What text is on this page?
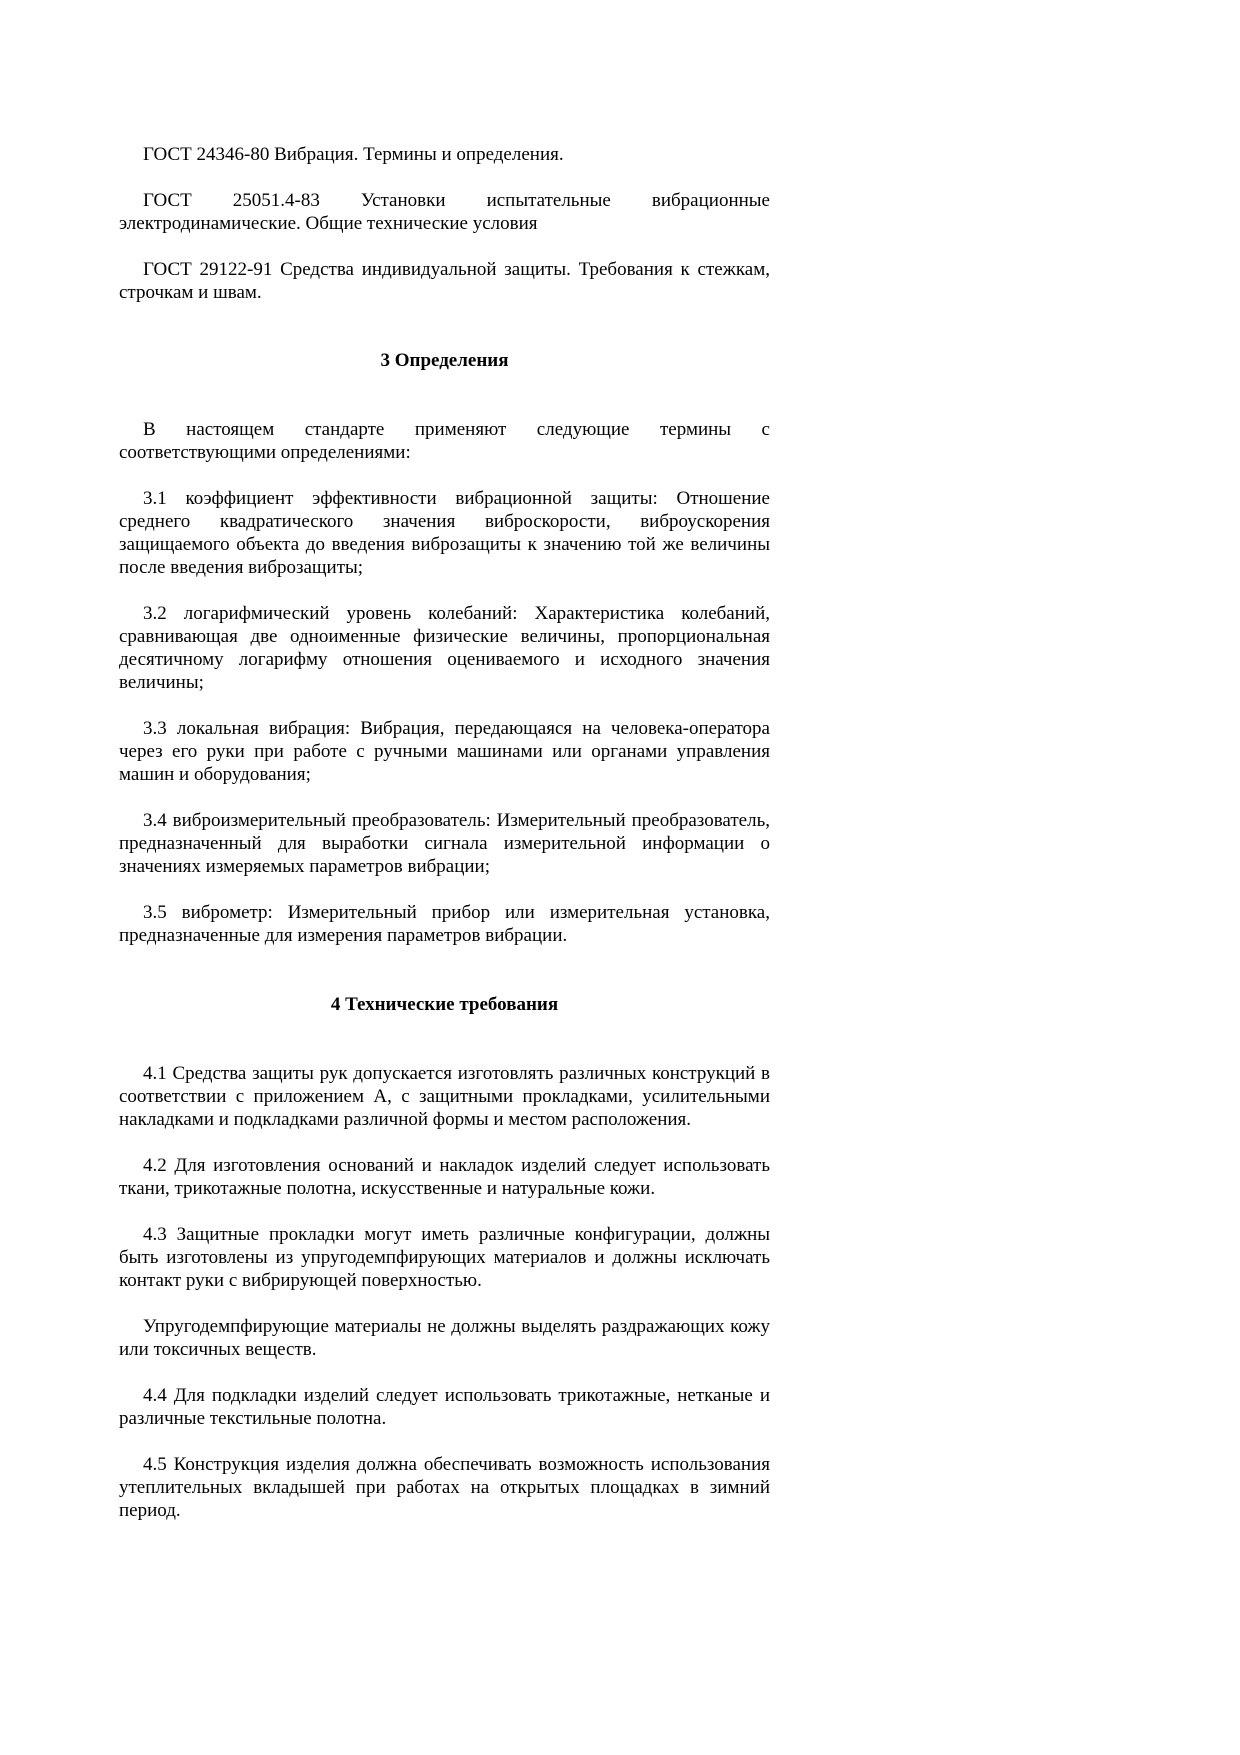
ГОСТ 24346-80 Вибрация. Термины и определения.

ГОСТ 25051.4-83 Установки испытательные вибрационные электродинамические. Общие технические условия

ГОСТ 29122-91 Средства индивидуальной защиты. Требования к стежкам, строчкам и швам.

3 Определения

В настоящем стандарте применяют следующие термины с соответствующими определениями:

3.1 коэффициент эффективности вибрационной защиты: Отношение среднего квадратического значения виброскорости, виброускорения защищаемого объекта до введения виброзащиты к значению той же величины после введения виброзащиты;

3.2 логарифмический уровень колебаний: Характеристика колебаний, сравнивающая две одноименные физические величины, пропорциональная десятичному логарифму отношения оцениваемого и исходного значения величины;

3.3 локальная вибрация: Вибрация, передающаяся на человека-оператора через его руки при работе с ручными машинами или органами управления машин и оборудования;

3.4 виброизмерительный преобразователь: Измерительный преобразователь, предназначенный для выработки сигнала измерительной информации о значениях измеряемых параметров вибрации;

3.5 виброметр: Измерительный прибор или измерительная установка, предназначенные для измерения параметров вибрации.

4 Технические требования

4.1 Средства защиты рук допускается изготовлять различных конструкций в соответствии с приложением А, с защитными прокладками, усилительными накладками и подкладками различной формы и местом расположения.

4.2 Для изготовления оснований и накладок изделий следует использовать ткани, трикотажные полотна, искусственные и натуральные кожи.

4.3 Защитные прокладки могут иметь различные конфигурации, должны быть изготовлены из упругодемпфирующих материалов и должны исключать контакт руки с вибрирующей поверхностью.

Упругодемпфирующие материалы не должны выделять раздражающих кожу или токсичных веществ.

4.4 Для подкладки изделий следует использовать трикотажные, нетканые и различные текстильные полотна.

4.5 Конструкция изделия должна обеспечивать возможность использования утеплительных вкладышей при работах на открытых площадках в зимний период.
